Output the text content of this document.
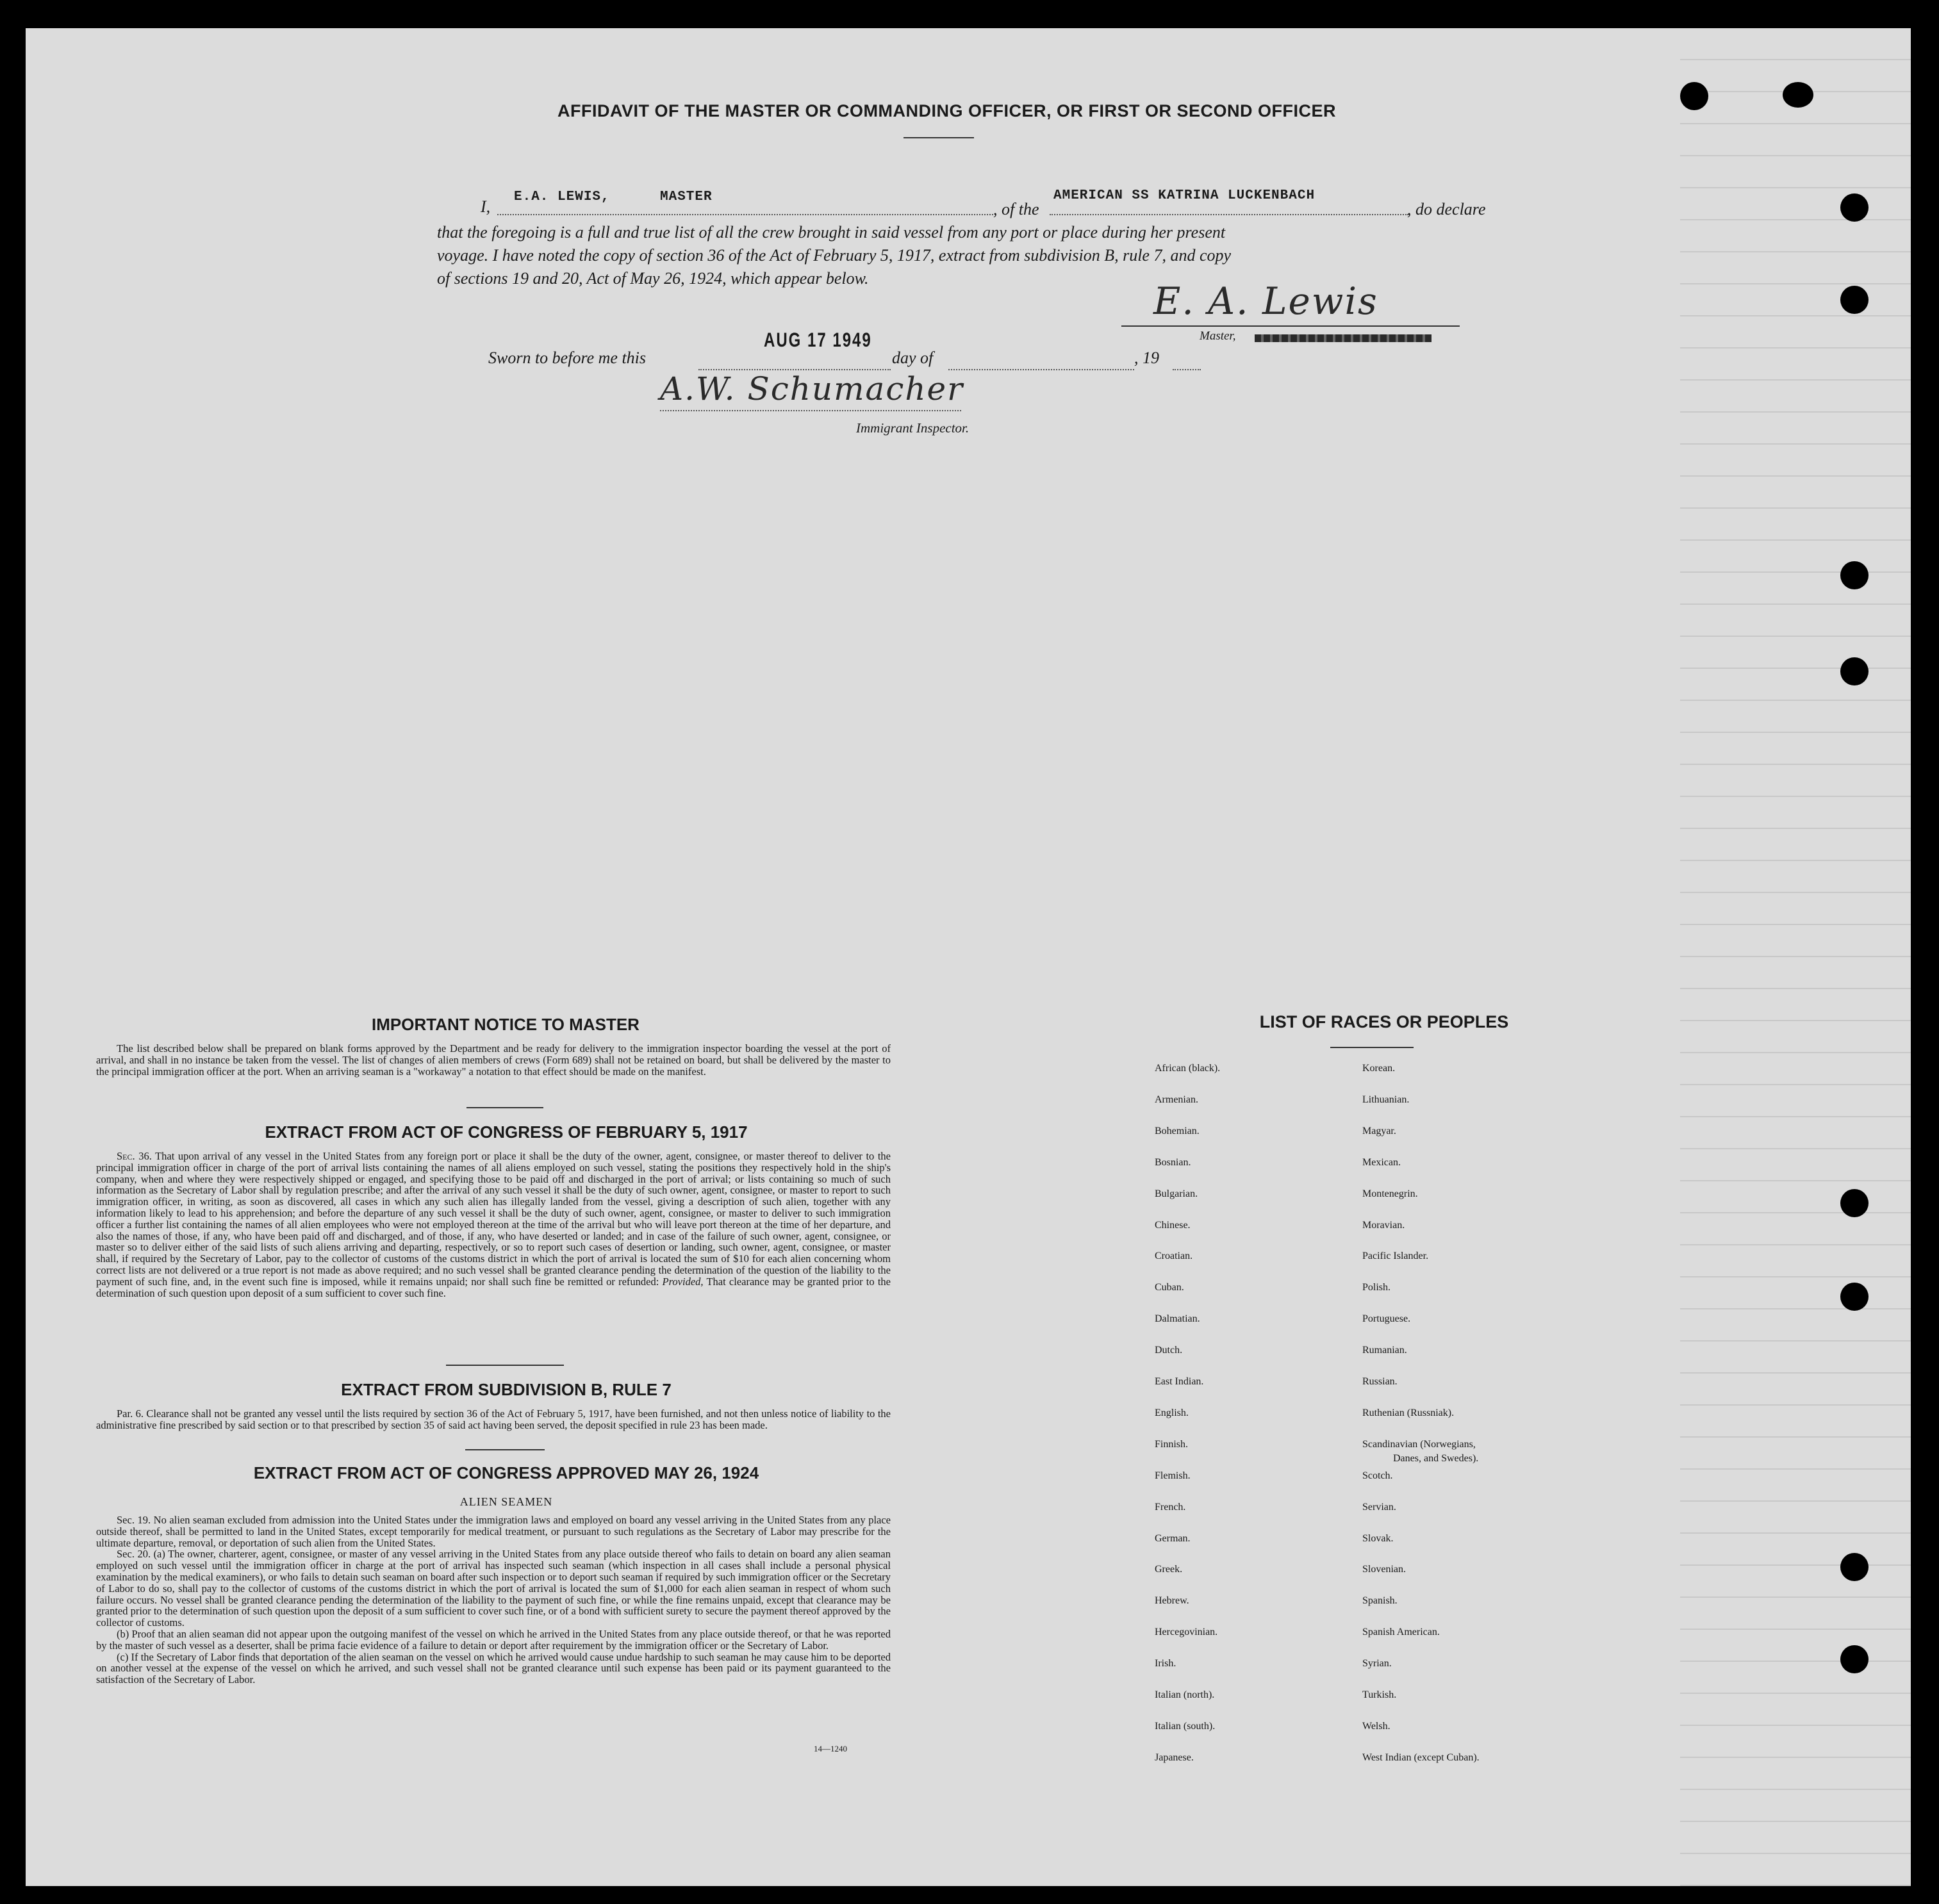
AFFIDAVIT OF THE MASTER OR COMMANDING OFFICER, OR FIRST OR SECOND OFFICER
I,
E.A. LEWIS,	MASTER
, of the
AMERICAN SS KATRINA LUCKENBACH
, do declare
that the foregoing is a full and true list of all the crew brought in said vessel from any port or place during her present
voyage. I have noted the copy of section 36 of the Act of February 5, 1917, extract from subdivision B, rule 7, and copy
of sections 19 and 20, Act of May 26, 1924, which appear below.
E. A. Lewis
Master,
Sworn to before me this
AUG 17 1949
day of	, 19
A.W. Schumacher
Immigrant Inspector.
IMPORTANT NOTICE TO MASTER

The list described below shall be prepared on blank forms approved by the Department and be ready for delivery to the immigration inspector boarding the vessel at the port of arrival, and shall in no instance be taken from the vessel. The list of changes of alien members of crews (Form 689) shall not be retained on board, but shall be delivered by the master to the principal immigration officer at the port. When an arriving seaman is a "workaway" a notation to that effect should be made on the manifest.

EXTRACT FROM ACT OF CONGRESS OF FEBRUARY 5, 1917

Sec. 36. That upon arrival of any vessel in the United States from any foreign port or place it shall be the duty of the owner, agent, consignee, or master thereof to deliver to the principal immigration officer in charge of the port of arrival lists containing the names of all aliens employed on such vessel, stating the positions they respectively hold in the ship's company, when and where they were respectively shipped or engaged, and specifying those to be paid off and discharged in the port of arrival; or lists containing so much of such information as the Secretary of Labor shall by regulation prescribe; and after the arrival of any such vessel it shall be the duty of such owner, agent, consignee, or master to report to such immigration officer, in writing, as soon as discovered, all cases in which any such alien has illegally landed from the vessel, giving a description of such alien, together with any information likely to lead to his apprehension; and before the departure of any such vessel it shall be the duty of such owner, agent, consignee, or master to deliver to such immigration officer a further list containing the names of all alien employees who were not employed thereon at the time of the arrival but who will leave port thereon at the time of her departure, and also the names of those, if any, who have been paid off and discharged, and of those, if any, who have deserted or landed; and in case of the failure of such owner, agent, consignee, or master so to deliver either of the said lists of such aliens arriving and departing, respectively, or so to report such cases of desertion or landing, such owner, agent, consignee, or master shall, if required by the Secretary of Labor, pay to the collector of customs of the customs district in which the port of arrival is located the sum of $10 for each alien concerning whom correct lists are not delivered or a true report is not made as above required; and no such vessel shall be granted clearance pending the determination of the question of the liability to the payment of such fine, and, in the event such fine is imposed, while it remains unpaid; nor shall such fine be remitted or refunded: Provided, That clearance may be granted prior to the determination of such question upon deposit of a sum sufficient to cover such fine.

EXTRACT FROM SUBDIVISION B, RULE 7

Par. 6. Clearance shall not be granted any vessel until the lists required by section 36 of the Act of February 5, 1917, have been furnished, and not then unless notice of liability to the administrative fine prescribed by said section or to that prescribed by section 35 of said act having been served, the deposit specified in rule 23 has been made.

EXTRACT FROM ACT OF CONGRESS APPROVED MAY 26, 1924
ALIEN SEAMEN

Sec. 19. No alien seaman excluded from admission into the United States under the immigration laws and employed on board any vessel arriving in the United States from any place outside thereof, shall be permitted to land in the United States, except temporarily for medical treatment, or pursuant to such regulations as the Secretary of Labor may prescribe for the ultimate departure, removal, or deportation of such alien from the United States.

Sec. 20. (a) The owner, charterer, agent, consignee, or master of any vessel arriving in the United States from any place outside thereof who fails to detain on board any alien seaman employed on such vessel until the immigration officer in charge at the port of arrival has inspected such seaman (which inspection in all cases shall include a personal physical examination by the medical examiners), or who fails to detain such seaman on board after such inspection or to deport such seaman if required by such immigration officer or the Secretary of Labor to do so, shall pay to the collector of customs of the customs district in which the port of arrival is located the sum of $1,000 for each alien seaman in respect of whom such failure occurs. No vessel shall be granted clearance pending the determination of the liability to the payment of such fine, or while the fine remains unpaid, except that clearance may be granted prior to the determination of such question upon the deposit of a sum sufficient to cover such fine, or of a bond with sufficient surety to secure the payment thereof approved by the collector of customs.

(b) Proof that an alien seaman did not appear upon the outgoing manifest of the vessel on which he arrived in the United States from any place outside thereof, or that he was reported by the master of such vessel as a deserter, shall be prima facie evidence of a failure to detain or deport after requirement by the immigration officer or the Secretary of Labor.

(c) If the Secretary of Labor finds that deportation of the alien seaman on the vessel on which he arrived would cause undue hardship to such seaman he may cause him to be deported on another vessel at the expense of the vessel on which he arrived, and such vessel shall not be granted clearance until such expense has been paid or its payment guaranteed to the satisfaction of the Secretary of Labor.

14—1240
LIST OF RACES OR PEOPLES
African (black).
Armenian.
Bohemian.
Bosnian.
Bulgarian.
Chinese.
Croatian.
Cuban.
Dalmatian.
Dutch.
East Indian.
English.
Finnish.
Flemish.
French.
German.
Greek.
Hebrew.
Hercegovinian.
Irish.
Italian (north).
Italian (south).
Japanese.
Korean.
Lithuanian.
Magyar.
Mexican.
Montenegrin.
Moravian.
Pacific Islander.
Polish.
Portuguese.
Rumanian.
Russian.
Ruthenian (Russniak).
Scandinavian (Norwegians,
Scotch.
Servian.
Slovak.
Slovenian.
Spanish.
Spanish American.
Syrian.
Turkish.
Welsh.
West Indian (except Cuban).
Danes, and Swedes).
